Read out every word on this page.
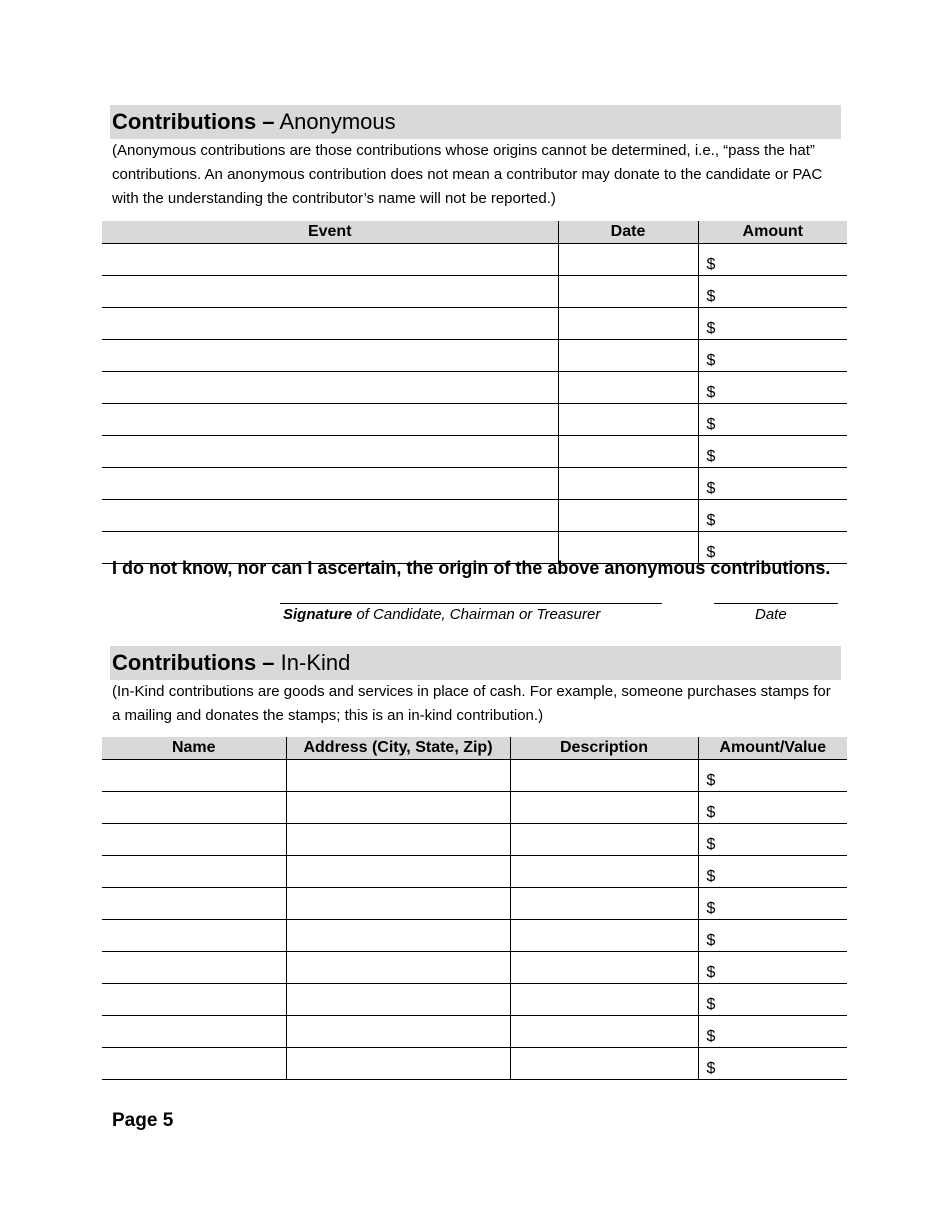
Contributions – Anonymous
(Anonymous contributions are those contributions whose origins cannot be determined, i.e., “pass the hat” contributions. An anonymous contribution does not mean a contributor may donate to the candidate or PAC with the understanding the contributor’s name will not be reported.)
Event	Date	Amount
		$
		$
		$
		$
		$
		$
		$
		$
		$
		$
I do not know, nor can I ascertain, the origin of the above anonymous contributions.
Signature of Candidate, Chairman or Treasurer	Date
Contributions – In-Kind
(In-Kind contributions are goods and services in place of cash. For example, someone purchases stamps for a mailing and donates the stamps; this is an in-kind contribution.)
Name	Address (City, State, Zip)	Description	Amount/Value
			$
			$
			$
			$
			$
			$
			$
			$
			$
			$
Page 5
